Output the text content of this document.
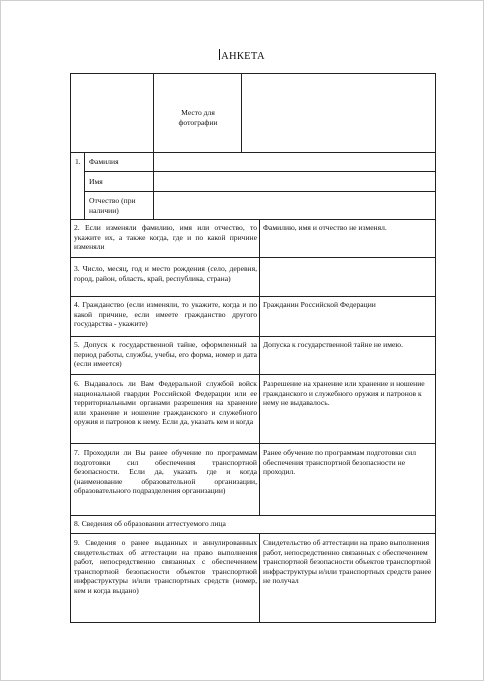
АНКЕТА
Место для фотографии
1. Фамилия
Имя
Отчество (при наличии)
2. Если изменяли фамилию, имя или отчество, то укажите их, а также когда, где и по какой причине изменяли
Фамилию, имя и отчество не изменял.
3. Число, месяц, год и место рождения (село, деревня, город, район, область, край, республика, страна)
4. Гражданство (если изменяли, то укажите, когда и по какой причине, если имеете гражданство другого государства - укажите)
Гражданин Российской Федерации
5. Допуск к государственной тайне, оформленный за период работы, службы, учебы, его форма, номер и дата (если имеется)
Допуска к государственной тайне не имею.
6. Выдавалось ли Вам Федеральной службой войск национальной гвардии Российской Федерации или ее территориальными органами разрешения на хранение или хранение и ношение гражданского и служебного оружия и патронов к нему. Если да, указать кем и когда
Разрешение на хранение или хранение и ношение гражданского и служебного оружия и патронов к нему не выдавалось.
7. Проходили ли Вы ранее обучение по программам подготовки сил обеспечения транспортной безопасности. Если да, указать где и когда (наименование образовательной организации, образовательного подразделения организации)
Ранее обучение по программам подготовки сил обеспечения транспортной безопасности не проходил.
8. Сведения об образовании аттестуемого лица
9. Сведения о ранее выданных и аннулированных свидетельствах об аттестации на право выполнения работ, непосредственно связанных с обеспечением транспортной безопасности объектов транспортной инфраструктуры и/или транспортных средств (номер, кем и когда выдано)
Свидетельство об аттестации на право выполнения работ, непосредственно связанных с обеспечением транспортной безопасности объектов транспортной инфраструктуры и/или транспортных средств ранее не получал
